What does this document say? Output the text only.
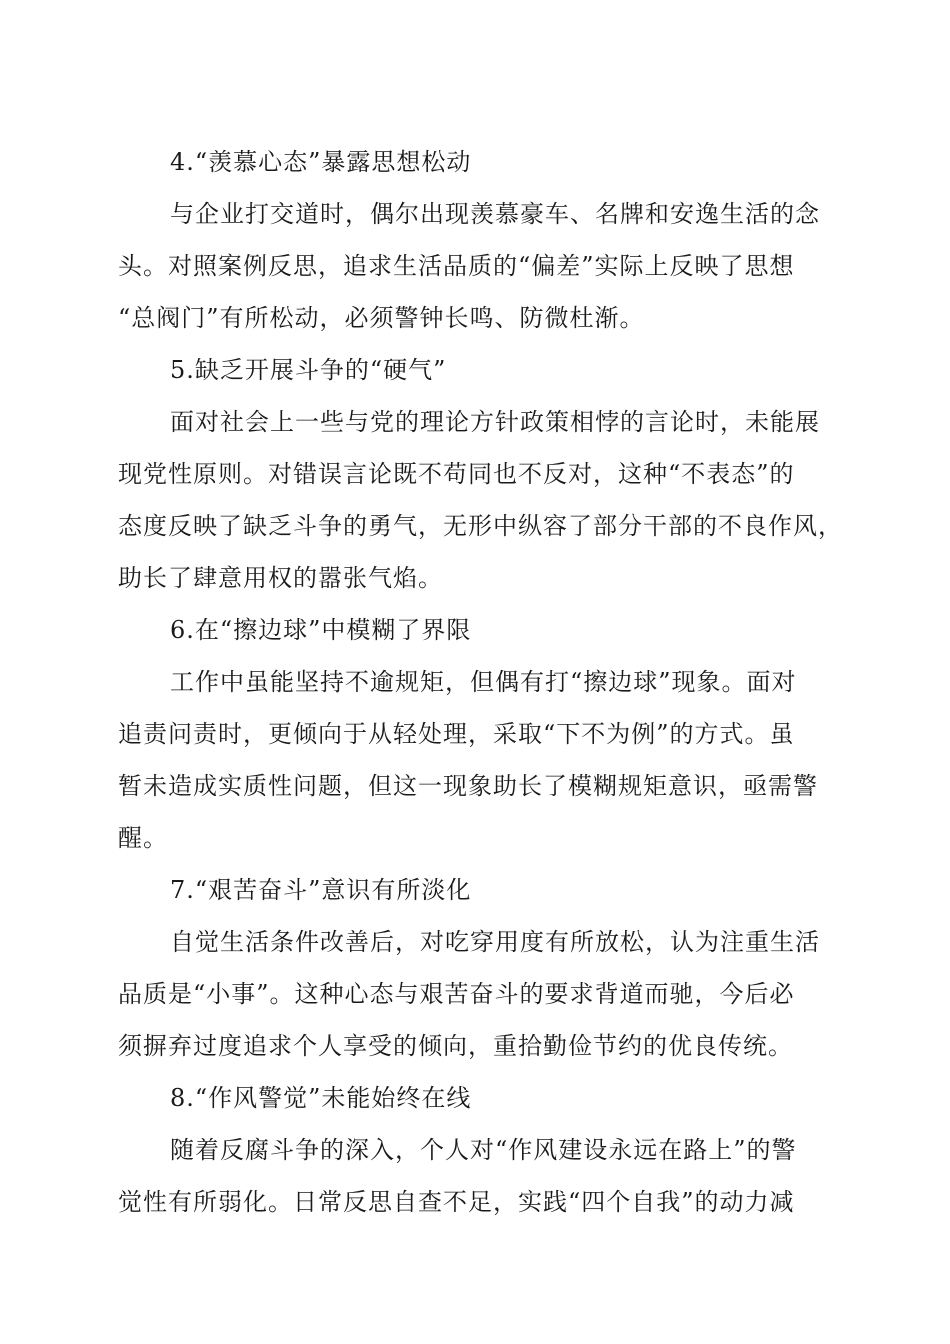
4.“羡慕心态”暴露思想松动
与企业打交道时，偶尔出现羡慕豪车、名牌和安逸生活的念
头。对照案例反思，追求生活品质的“偏差”实际上反映了思想
“总阀门”有所松动，必须警钟长鸣、防微杜渐。
5.缺乏开展斗争的“硬气”
面对社会上一些与党的理论方针政策相悖的言论时，未能展
现党性原则。对错误言论既不苟同也不反对，这种“不表态”的
态度反映了缺乏斗争的勇气，无形中纵容了部分干部的不良作风，
助长了肆意用权的嚣张气焰。
6.在“擦边球”中模糊了界限
工作中虽能坚持不逾规矩，但偶有打“擦边球”现象。面对
追责问责时，更倾向于从轻处理，采取“下不为例”的方式。虽
暂未造成实质性问题，但这一现象助长了模糊规矩意识，亟需警
醒。
7.“艰苦奋斗”意识有所淡化
自觉生活条件改善后，对吃穿用度有所放松，认为注重生活
品质是“小事”。这种心态与艰苦奋斗的要求背道而驰，今后必
须摒弃过度追求个人享受的倾向，重拾勤俭节约的优良传统。
8.“作风警觉”未能始终在线
随着反腐斗争的深入，个人对“作风建设永远在路上”的警
觉性有所弱化。日常反思自查不足，实践“四个自我”的动力减
